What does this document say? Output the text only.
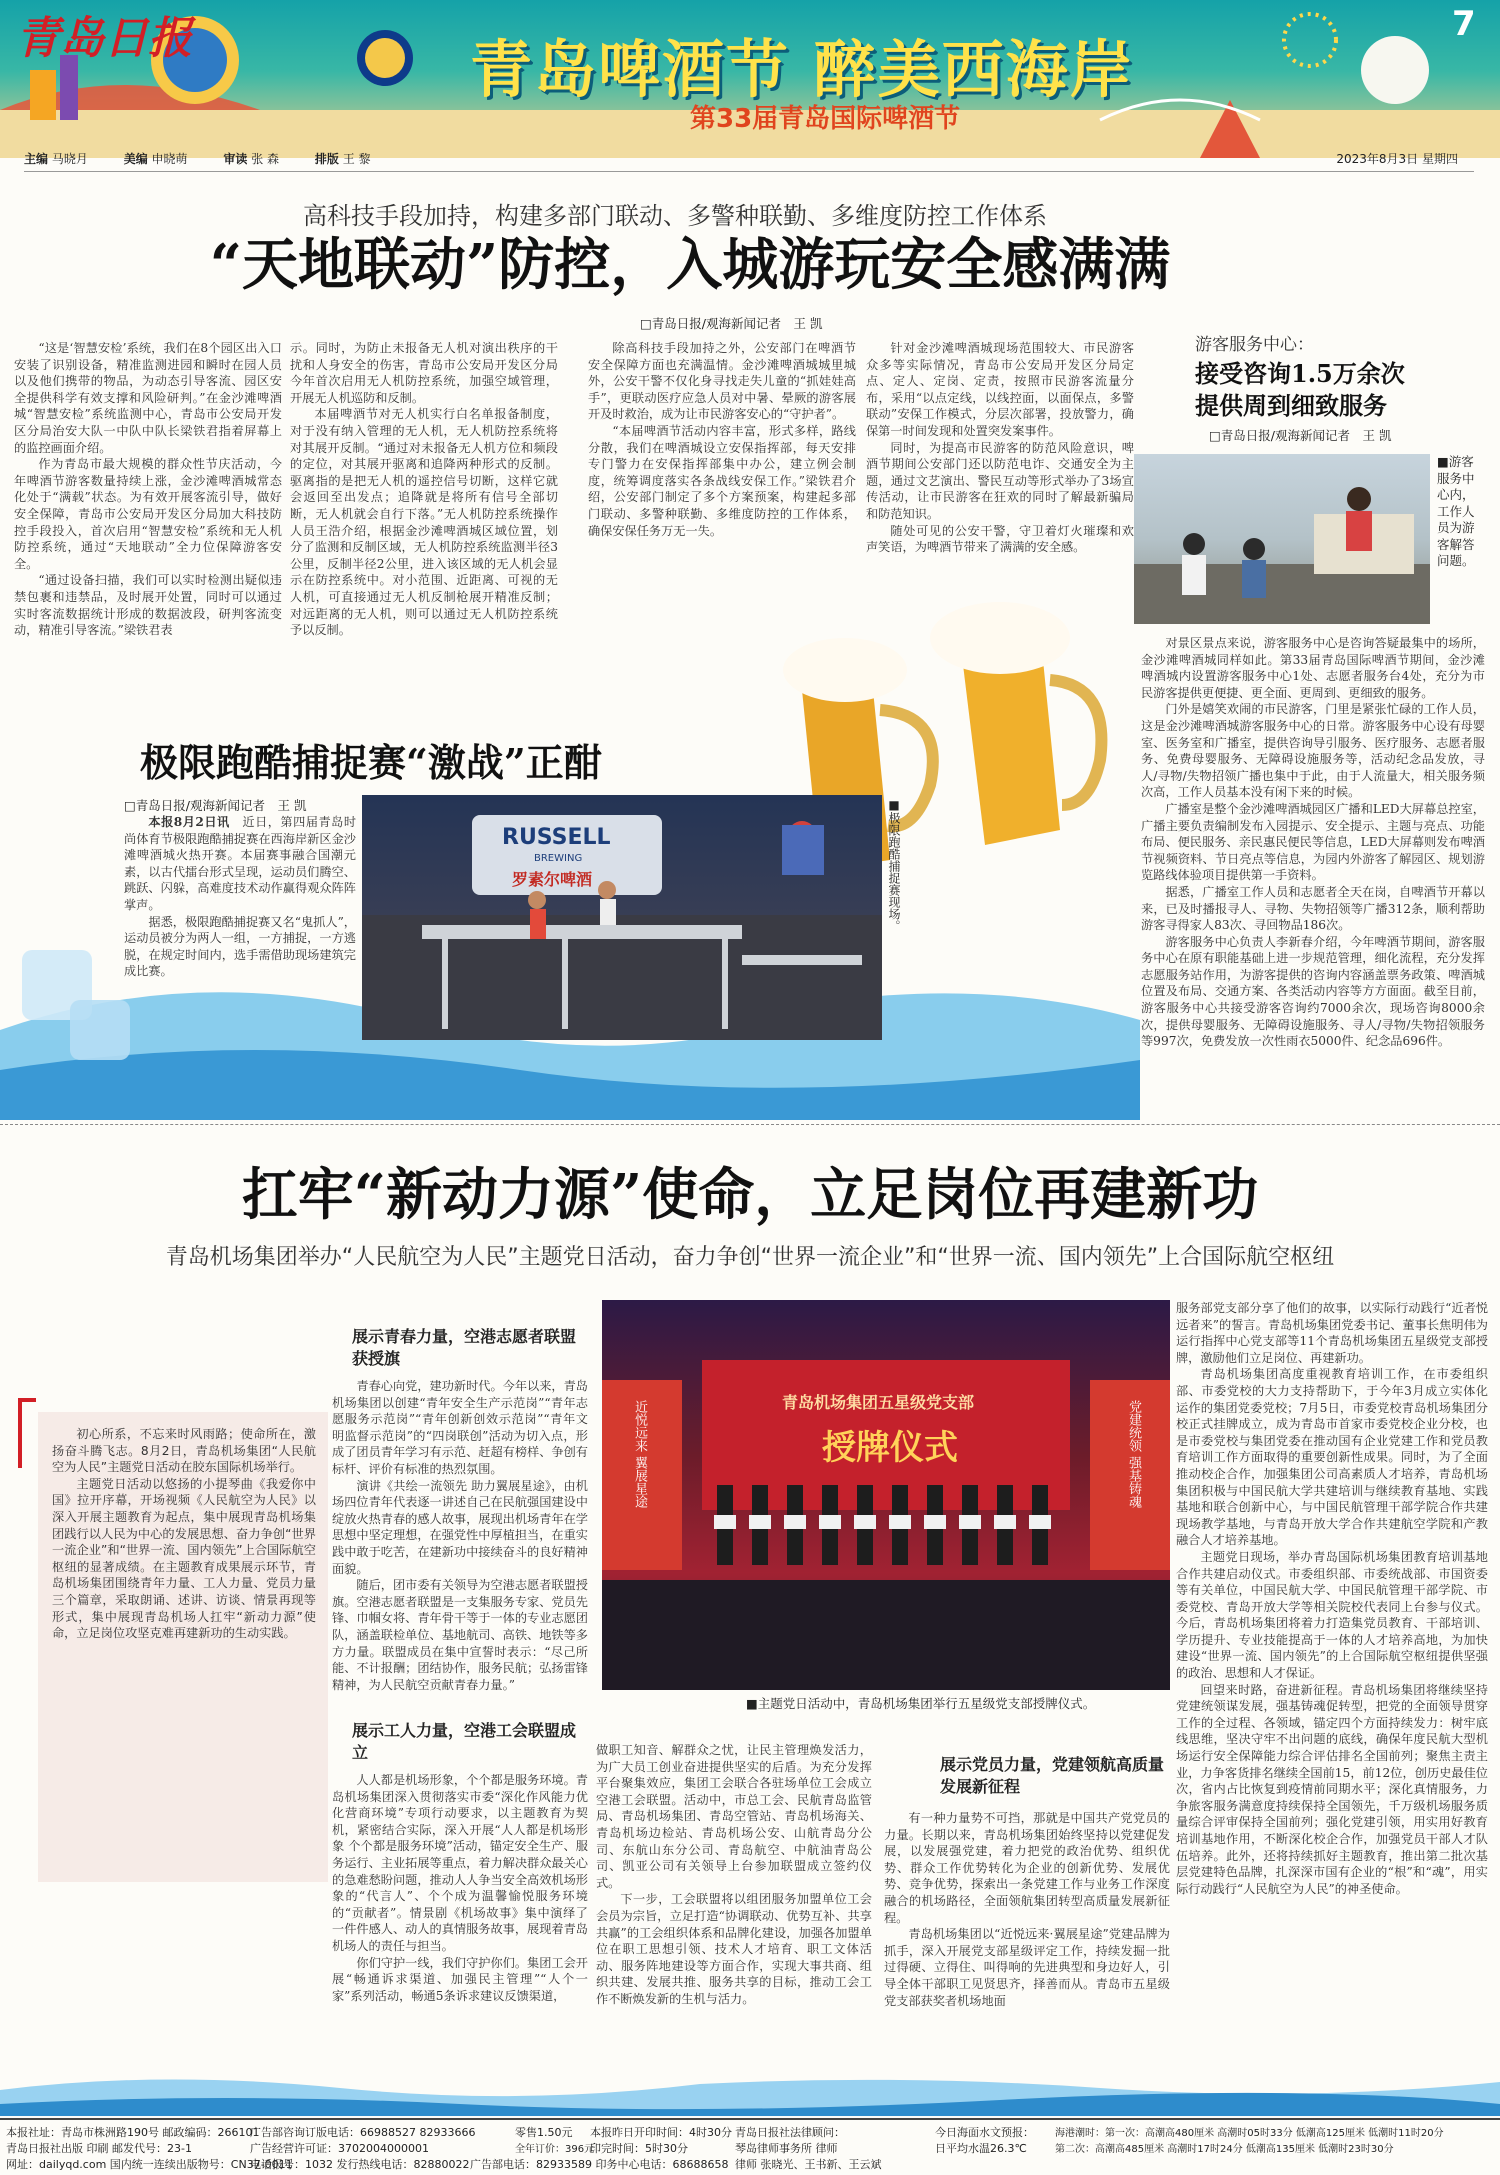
青岛日报	青岛啤酒节 醉美西海岸
第33届青岛国际啤酒节
7
主编 马晓月	美编 申晓萌	审读 张 森	排版 王 黎	2023年8月3日 星期四
高科技手段加持，构建多部门联动、多警种联勤、多维度防控工作体系
“天地联动”防控，入城游玩安全感满满
□青岛日报/观海新闻记者　王 凯

“这是‘智慧安检’系统，我们在8个园区出入口安装了识别设备，精准监测进园和瞬时在园人员以及他们携带的物品，为动态引导客流、园区安全提供科学有效支撑和风险研判。”在金沙滩啤酒城“智慧安检”系统监测中心，青岛市公安局开发区分局治安大队一中队中队长梁铁君指着屏幕上的监控画面介绍。

作为青岛市最大规模的群众性节庆活动，今年啤酒节游客数量持续上涨，金沙滩啤酒城常态化处于“满载”状态。为有效开展客流引导，做好安全保障，青岛市公安局开发区分局加大科技防控手段投入，首次启用“智慧安检”系统和无人机防控系统，通过“天地联动”全力位保障游客安全。

“通过设备扫描，我们可以实时检测出疑似违禁包裹和违禁品，及时展开处置，同时可以通过实时客流数据统计形成的数据波段，研判客流变动，精准引导客流。”梁铁君表

示。同时，为防止未报备无人机对演出秩序的干扰和人身安全的伤害，青岛市公安局开发区分局今年首次启用无人机防控系统，加强空域管理，开展无人机巡防和反制。

本届啤酒节对无人机实行白名单报备制度，对于没有纳入管理的无人机，无人机防控系统将对其展开反制。“通过对未报备无人机方位和频段的定位，对其展开驱离和追降两种形式的反制。驱离指的是把无人机的遥控信号切断，这样它就会返回至出发点；追降就是将所有信号全部切断，无人机就会自行下落。”无人机防控系统操作人员王浩介绍，根据金沙滩啤酒城区域位置，划分了监测和反制区域，无人机防控系统监测半径3公里，反制半径2公里，进入该区域的无人机会显示在防控系统中。对小范围、近距离、可视的无人机，可直接通过无人机反制枪展开精准反制；对远距离的无人机，则可以通过无人机防控系统予以反制。

除高科技手段加持之外，公安部门在啤酒节安全保障方面也充满温情。金沙滩啤酒城城里城外，公安干警不仅化身寻找走失儿童的“抓娃娃高手”，更联动医疗应急人员对中暑、晕厥的游客展开及时救治，成为让市民游客安心的“守护者”。

“本届啤酒节活动内容丰富，形式多样，路线分散，我们在啤酒城设立安保指挥部，每天安排专门警力在安保指挥部集中办公，建立例会制度，统筹调度落实各条战线安保工作。”梁铁君介绍，公安部门制定了多个方案预案，构建起多部门联动、多警种联勤、多维度防控的工作体系，确保安保任务万无一失。

针对金沙滩啤酒城现场范围较大、市民游客众多等实际情况，青岛市公安局开发区分局定点、定人、定岗、定责，按照市民游客流量分布，采用“以点定线，以线控面，以面保点，多警联动”安保工作模式，分层次部署，投放警力，确保第一时间发现和处置突发案事件。

同时，为提高市民游客的防范风险意识，啤酒节期间公安部门还以防范电诈、交通安全为主题，通过文艺演出、警民互动等形式举办了3场宣传活动，让市民游客在狂欢的同时了解最新骗局和防范知识。

随处可见的公安干警，守卫着灯火璀璨和欢声笑语，为啤酒节带来了满满的安全感。

极限跑酷捕捉赛“激战”正酣
□青岛日报/观海新闻记者　王 凯

本报8月2日讯　 近日，第四届青岛时尚体育节极限跑酷捕捉赛在西海岸新区金沙滩啤酒城火热开赛。本届赛事融合国潮元素，以古代擂台形式呈现，运动员们腾空、跳跃、闪躲，高难度技术动作赢得观众阵阵掌声。

据悉，极限跑酷捕捉赛又名“鬼抓人”，运动员被分为两人一组，一方捕捉，一方逃脱，在规定时间内，选手需借助现场建筑完成比赛。

RUSSELL
BREWING
罗素尔啤酒	■极限跑酷捕捉赛现场。
游客服务中心：
接受咨询1.5万余次
提供周到细致服务
□青岛日报/观海新闻记者　王 凯
■游客服务中心内，工作人员为游客解答问题。

对景区景点来说，游客服务中心是咨询答疑最集中的场所，金沙滩啤酒城同样如此。第33届青岛国际啤酒节期间，金沙滩啤酒城内设置游客服务中心1处、志愿者服务台4处，充分为市民游客提供更便捷、更全面、更周到、更细致的服务。

门外是嬉笑欢闹的市民游客，门里是紧张忙碌的工作人员，这是金沙滩啤酒城游客服务中心的日常。游客服务中心设有母婴室、医务室和广播室，提供咨询导引服务、医疗服务、志愿者服务、免费母婴服务、无障碍设施服务等，活动纪念品发放，寻人/寻物/失物招领广播也集中于此，由于人流量大，相关服务频次高，工作人员基本没有闲下来的时候。

广播室是整个金沙滩啤酒城园区广播和LED大屏幕总控室，广播主要负责编制发布入园提示、安全提示、主题与亮点、功能布局、便民服务、亲民惠民便民等信息，LED大屏幕则发布啤酒节视频资料、节日亮点等信息，为园内外游客了解园区、规划游览路线体验项目提供第一手资料。

据悉，广播室工作人员和志愿者全天在岗，自啤酒节开幕以来，已及时播报寻人、寻物、失物招领等广播312条，顺利帮助游客寻得家人83次、寻回物品186次。

游客服务中心负责人李新春介绍，今年啤酒节期间，游客服务中心在原有职能基础上进一步规范管理，细化流程，充分发挥志愿服务站作用，为游客提供的咨询内容涵盖票务政策、啤酒城位置及布局、交通方案、各类活动内容等方方面面。截至目前，游客服务中心共接受游客咨询约7000余次，现场咨询8000余次，提供母婴服务、无障碍设施服务、寻人/寻物/失物招领服务等997次，免费发放一次性雨衣5000件、纪念品696件。

扛牢“新动力源”使命，立足岗位再建新功
青岛机场集团举办“人民航空为人民”主题党日活动，奋力争创“世界一流企业”和“世界一流、国内领先”上合国际航空枢纽

初心所系，不忘来时风雨路；使命所在，激扬奋斗腾飞志。8月2日，青岛机场集团“人民航空为人民”主题党日活动在胶东国际机场举行。

主题党日活动以悠扬的小提琴曲《我爱你中国》拉开序幕，开场视频《人民航空为人民》以深入开展主题教育为起点，集中展现青岛机场集团践行以人民为中心的发展思想、奋力争创“世界一流企业”和“世界一流、国内领先”上合国际航空枢纽的显著成绩。在主题教育成果展示环节，青岛机场集团围绕青年力量、工人力量、党员力量三个篇章，采取朗诵、述讲、访谈、情景再现等形式，集中展现青岛机场人扛牢“新动力源”使命，立足岗位攻坚克难再建新功的生动实践。

展示青春力量，空港志愿者联盟获授旗

青春心向党，建功新时代。今年以来，青岛机场集团以创建“青年安全生产示范岗”“青年志愿服务示范岗”“青年创新创效示范岗”“青年文明监督示范岗”的“四岗联创”活动为切入点，形成了团员青年学习有示范、赶超有榜样、争创有标杆、评价有标准的热烈氛围。

演讲《共绘一流领先 助力翼展星途》，由机场四位青年代表逐一讲述自己在民航强国建设中绽放火热青春的感人故事，展现出机场青年在学思想中坚定理想，在强党性中厚植担当，在重实践中敢于吃苦，在建新功中接续奋斗的良好精神面貌。

随后，团市委有关领导为空港志愿者联盟授旗。空港志愿者联盟是一支集服务专家、党员先锋、巾帼女将、青年骨干等于一体的专业志愿团队，涵盖联检单位、基地航司、高铁、地铁等多方力量。联盟成员在集中宣誓时表示：“尽己所能、不计报酬；团结协作，服务民航；弘扬雷锋精神，为人民航空贡献青春力量。”

青岛机场集团五星级党支部
授牌仪式
近悦远来 翼展星途	党建统领 强基铸魂
■主题党日活动中，青岛机场集团举行五星级党支部授牌仪式。
展示工人力量，空港工会联盟成立

人人都是机场形象，个个都是服务环境。青岛机场集团深入贯彻落实市委“深化作风能力优化营商环境”专项行动要求，以主题教育为契机，紧密结合实际，深入开展“人人都是机场形象 个个都是服务环境”活动，锚定安全生产、服务运行、主业拓展等重点，着力解决群众最关心的急难愁盼问题，推动人人争当安全高效机场形象的“代言人”、个个成为温馨愉悦服务环境的“贡献者”。情景剧《机场故事》集中演绎了一件件感人、动人的真情服务故事，展现着青岛机场人的责任与担当。

你们守护一线，我们守护你们。集团工会开展“畅通诉求渠道、加强民主管理”“人个一家”系列活动，畅通5条诉求建议反馈渠道，

做职工知音、解群众之忧，让民主管理焕发活力，为广大员工创业奋进提供坚实的后盾。为充分发挥平台聚集效应，集团工会联合各驻场单位工会成立空港工会联盟。活动中，市总工会、民航青岛监管局、青岛机场集团、青岛空管站、青岛机场海关、青岛机场边检站、青岛机场公安、山航青岛分公司、东航山东分公司、青岛航空、中航油青岛公司、凯亚公司有关领导上台参加联盟成立签约仪式。

下一步，工会联盟将以组团服务加盟单位工会会员为宗旨，立足打造“协调联动、优势互补、共享共赢”的工会组织体系和品牌化建设，加强各加盟单位在职工思想引领、技术人才培育、职工文体活动、服务阵地建设等方面合作，实现大事共商、组织共建、发展共推、服务共享的目标，推动工会工作不断焕发新的生机与活力。

展示党员力量，党建领航高质量发展新征程

有一种力量势不可挡，那就是中国共产党党员的力量。长期以来，青岛机场集团始终坚持以党建促发展，以发展强党建，着力把党的政治优势、组织优势、群众工作优势转化为企业的创新优势、发展优势、竞争优势，探索出一条党建工作与业务工作深度融合的机场路径，全面领航集团转型高质量发展新征程。

青岛机场集团以“近悦远来·翼展星途”党建品牌为抓手，深入开展党支部星级评定工作，持续发掘一批过得硬、立得住、叫得响的先进典型和身边好人，引导全体干部职工见贤思齐，择善而从。青岛市五星级党支部获奖者机场地面

服务部党支部分享了他们的故事，以实际行动践行“近者悦 远者来”的誓言。青岛机场集团党委书记、董事长焦明伟为运行指挥中心党支部等11个青岛机场集团五星级党支部授牌，激励他们立足岗位、再建新功。

青岛机场集团高度重视教育培训工作，在市委组织部、市委党校的大力支持帮助下，于今年3月成立实体化运作的集团党委党校；7月5日，市委党校青岛机场集团分校正式挂牌成立，成为青岛市首家市委党校企业分校，也是市委党校与集团党委在推动国有企业党建工作和党员教育培训工作方面取得的重要创新性成果。同时，为了全面推动校企合作，加强集团公司高素质人才培养，青岛机场集团积极与中国民航大学共建培训与继续教育基地、实践基地和联合创新中心，与中国民航管理干部学院合作共建现场教学基地，与青岛开放大学合作共建航空学院和产教融合人才培养基地。

主题党日现场，举办青岛国际机场集团教育培训基地合作共建启动仪式。市委组织部、市委统战部、市国资委等有关单位，中国民航大学、中国民航管理干部学院、市委党校、青岛开放大学等相关院校代表同上台参与仪式。今后，青岛机场集团将着力打造集党员教育、干部培训、学历提升、专业技能提高于一体的人才培养高地，为加快建设“世界一流、国内领先”的上合国际航空枢纽提供坚强的政治、思想和人才保证。

回望来时路，奋进新征程。青岛机场集团将继续坚持党建统领谋发展，强基铸魂促转型，把党的全面领导贯穿工作的全过程、各领域，锚定四个方面持续发力：树牢底线思维，坚决守牢不出问题的底线，确保年度民航大型机场运行安全保障能力综合评估排名全国前列；聚焦主责主业，力争客货排名继续全国前15，前12位，创历史最佳位次，省内占比恢复到疫情前同期水平；深化真情服务，力争旅客服务满意度持续保持全国领先，千万级机场服务质量综合评审保持全国前列；强化党建引领，用实用好教育培训基地作用，不断深化校企合作，加强党员干部人才队伍培养。此外，还将持续抓好主题教育，推出第二批次基层党建特色品牌，扎深深市国有企业的“根”和“魂”，用实际行动践行“人民航空为人民”的神圣使命。

本报社址：青岛市株洲路190号 邮政编码：266101
广告部咨询订版电话：66988527 82933666	零售1.50元 本报昨日开印时间：4时30分 青岛日报社法律顾问：	今日海面水文预报： 海港潮时：第一次：高潮高480厘米 高潮时05时33分 低潮高125厘米 低潮时11时20分
青岛日报社出版 印刷 邮发代号：23-1	广告经营许可证：3702004000001	全年订价：396元
印完时间：5时30分	琴岛律师事务所 律师	日平均水温26.3℃	第二次：高潮高485厘米 高潮时17时24分 低潮高135厘米 低潮时23时30分
网址：dailyqd.com 国内统一连续出版物号：CN37-0011
电话报号：1032 发行热线电话：82880022 广告部电话：82933589 印务中心电话：68688658 律师 张晓光、王书新、王云斌
